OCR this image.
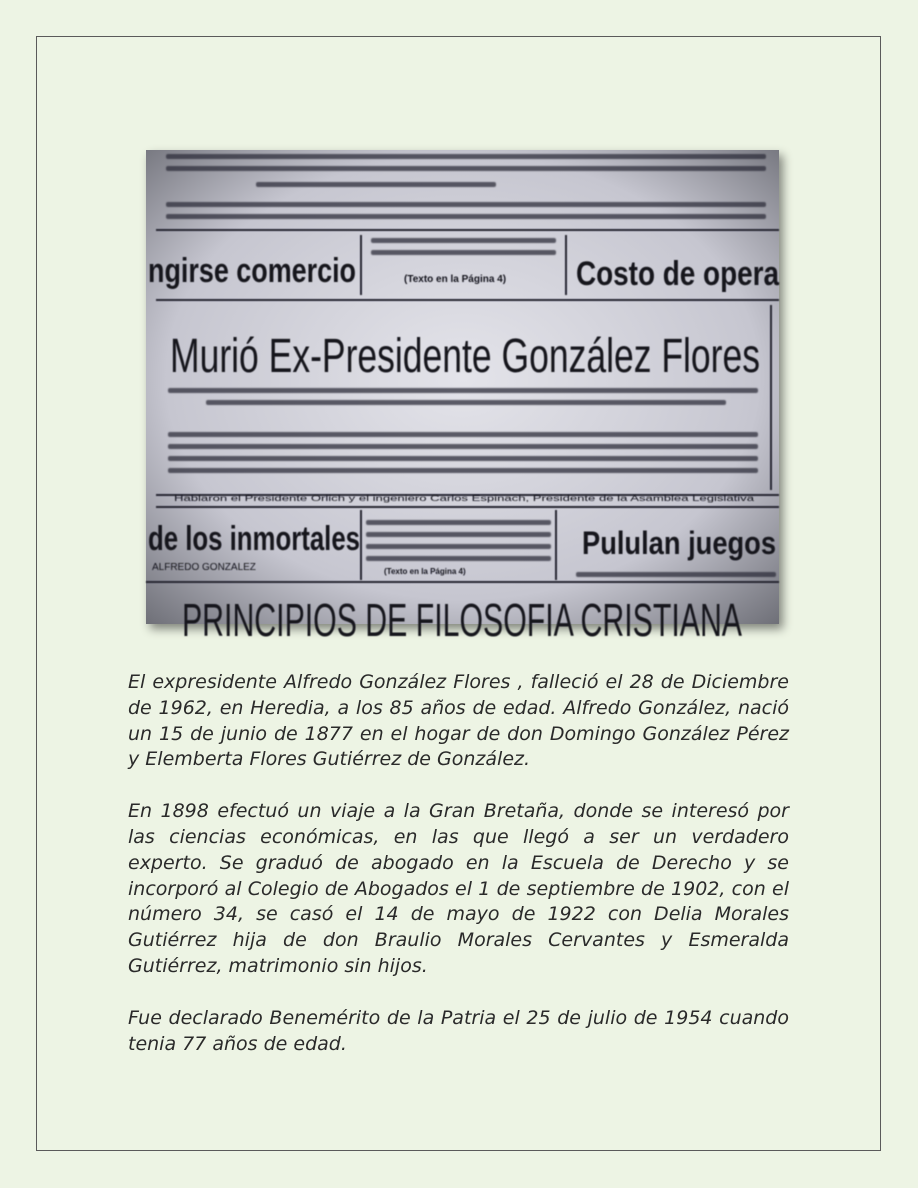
ngirse comercio	Costo de opera
(Texto en la Página 4)
Murió Ex-Presidente González Flores
Hablaron el Presidente Orlich y el ingeniero Carlos Espinach, Presidente de la Asamblea Legislativa
de los inmortales
ALFREDO GONZALEZ	(Texto en la Página 4)
Pululan juegos
PRINCIPIOS DE FILOSOFIA CRISTIANA

El expresidente Alfredo González Flores , falleció el 28 de Diciembre de 1962, en Heredia, a los 85 años de edad. Alfredo González, nació un 15 de junio de 1877 en el hogar de don Domingo González Pérez y Elemberta Flores Gutiérrez de González.

En 1898 efectuó un viaje a la Gran Bretaña, donde se interesó por las ciencias económicas, en las que llegó a ser un verdadero experto. Se graduó de abogado en la Escuela de Derecho y se incorporó al Colegio de Abogados el 1 de septiembre de 1902, con el número 34, se casó el 14 de mayo de 1922 con Delia Morales Gutiérrez hija de don Braulio Morales Cervantes y Esmeralda Gutiérrez, matrimonio sin hijos.

Fue declarado Benemérito de la Patria el 25 de julio de 1954 cuando tenia 77 años de edad.
